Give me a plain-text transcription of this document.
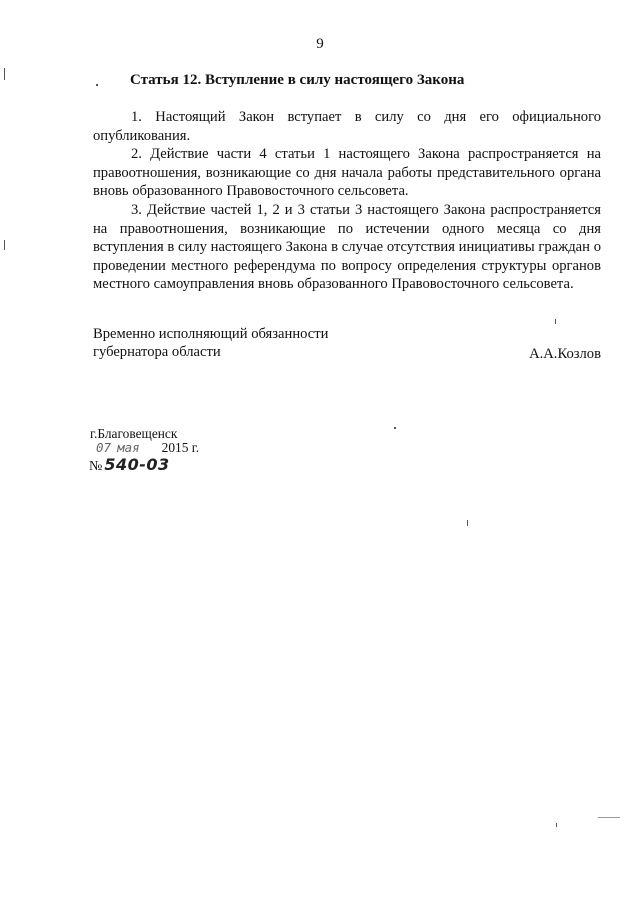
9
Статья 12. Вступление в силу настоящего Закона

1. Настоящий Закон вступает в силу со дня его официального опубликования.

2. Действие части 4 статьи 1 настоящего Закона распространяется на правоотношения, возникающие со дня начала работы представительного органа вновь образованного Правовосточного сельсовета.

3. Действие частей 1, 2 и 3 статьи 3 настоящего Закона распространяется на правоотношения, возникающие по истечении одного месяца со дня вступления в силу настоящего Закона в случае отсутствия инициативы граждан о проведении местного референдума по вопросу определения структуры органов местного самоуправления вновь образованного Правовосточного сельсовета.

Временно исполняющий обязанности
губернатора области	А.А.Козлов
г.Благовещенск
07 мая 2015 г.
№ 540-03
